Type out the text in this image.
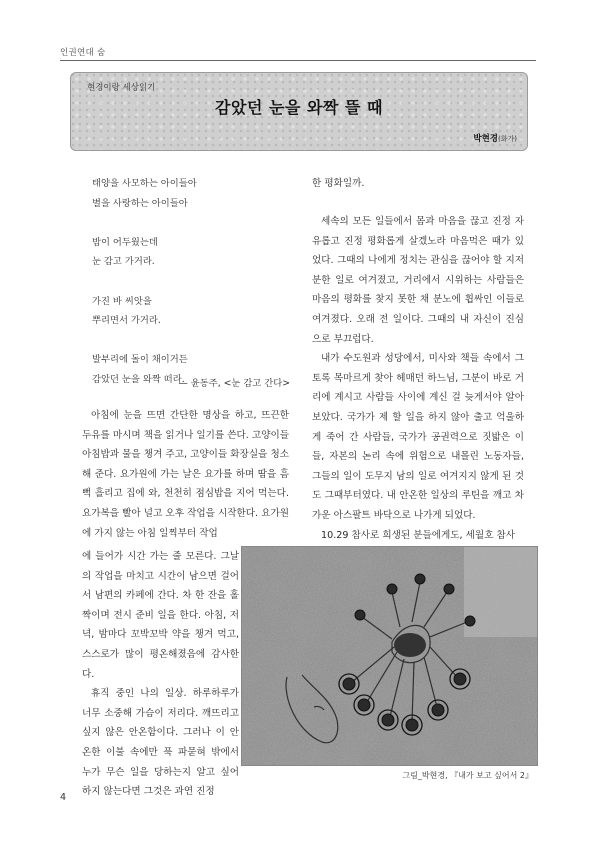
인권연대 숨
현경이랑 세상읽기
감았던 눈을 와짝 뜰 때
박현경(화가)
태양을 사모하는 아이들아
별을 사랑하는 아이들아

밤이 어두웠는데
눈 감고 가거라.

가진 바 씨앗을
뿌리면서 가거라.

발부리에 돌이 채이거든
감았던 눈을 와짝 떠라.
— 윤동주, <눈 감고 간다>

아침에 눈을 뜨면 간단한 명상을 하고, 뜨끈한 두유를 마시며 책을 읽거나 일기를 쓴다. 고양이들 아침밥과 물을 챙겨 주고, 고양이들 화장실을 청소해 준다. 요가원에 가는 날은 요가를 하며 땀을 흠뻑 흘리고 집에 와, 천천히 점심밥을 지어 먹는다. 요가복을 빨아 널고 오후 작업을 시작한다. 요가원에 가지 않는 아침 일찍부터 작업

에 들어가 시간 가는 줄 모른다. 그날의 작업을 마치고 시간이 남으면 걸어서 남편의 카페에 간다. 차 한 잔을 홀짝이며 전시 준비 일을 한다. 아침, 저녁, 밤마다 꼬박꼬박 약을 챙겨 먹고, 스스로가 많이 평온해졌음에 감사한다.

휴직 중인 나의 일상. 하루하루가 너무 소중해 가슴이 저리다. 깨뜨리고 싶지 않은 안온함이다. 그러나 이 안온한 이불 속에만 푹 파묻혀 밖에서 누가 무슨 일을 당하는지 알고 싶어 하지 않는다면 그것은 과연 진정

한 평화일까.

세속의 모든 일들에서 몸과 마음을 끊고 진정 자유롭고 진정 평화롭게 살겠노라 마음먹은 때가 있었다. 그때의 나에게 정치는 관심을 끊어야 할 지저분한 일로 여겨졌고, 거리에서 시위하는 사람들은 마음의 평화를 찾지 못한 채 분노에 휩싸인 이들로 여겨졌다. 오래 전 일이다. 그때의 내 자신이 진심으로 부끄럽다.

내가 수도원과 성당에서, 미사와 책들 속에서 그토록 목마르게 찾아 헤매던 하느님, 그분이 바로 거리에 계시고 사람들 사이에 계신 걸 늦게서야 알아보았다. 국가가 제 할 일을 하지 않아 출고 억울하게 죽어 간 사람들, 국가가 공권력으로 짓밟은 이들, 자본의 논리 속에 위험으로 내몰린 노동자들, 그들의 일이 도무지 남의 일로 여겨지지 않게 된 것도 그때부터였다. 내 안온한 일상의 루틴을 깨고 차가운 아스팔트 바닥으로 나가게 되었다.

10.29 참사로 희생된 분들에게도, 세월호 참사

그림_박현경, 『내가 보고 싶어서 2』
4
